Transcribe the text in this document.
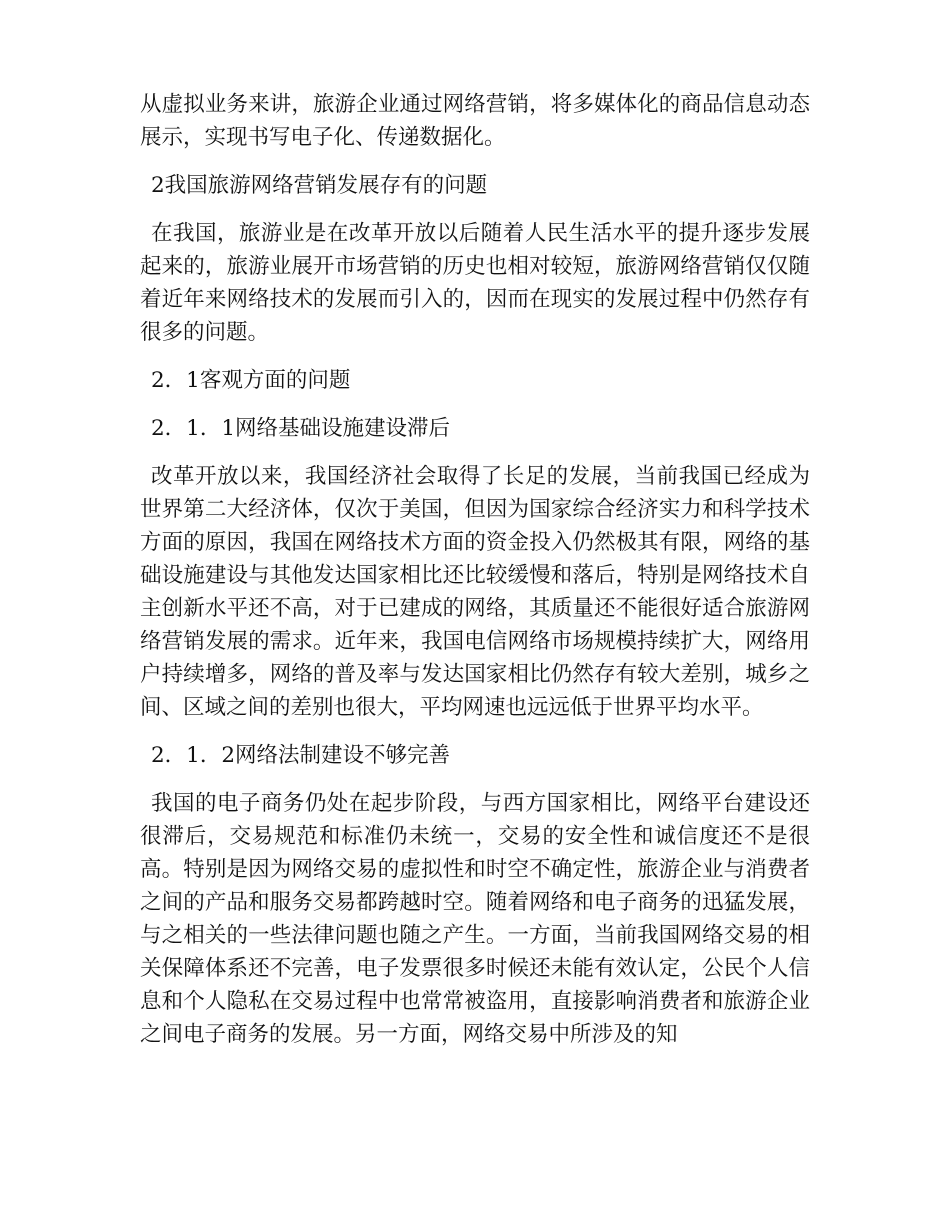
从虚拟业务来讲，旅游企业通过网络营销，将多媒体化的商品信息动态展示，实现书写电子化、传递数据化。

2我国旅游网络营销发展存有的问题

在我国，旅游业是在改革开放以后随着人民生活水平的提升逐步发展起来的，旅游业展开市场营销的历史也相对较短，旅游网络营销仅仅随着近年来网络技术的发展而引入的，因而在现实的发展过程中仍然存有很多的问题。

2．1客观方面的问题

2．1．1网络基础设施建设滞后

改革开放以来，我国经济社会取得了长足的发展，当前我国已经成为世界第二大经济体，仅次于美国，但因为国家综合经济实力和科学技术方面的原因，我国在网络技术方面的资金投入仍然极其有限，网络的基础设施建设与其他发达国家相比还比较缓慢和落后，特别是网络技术自主创新水平还不高，对于已建成的网络，其质量还不能很好适合旅游网络营销发展的需求。近年来，我国电信网络市场规模持续扩大，网络用户持续增多，网络的普及率与发达国家相比仍然存有较大差别，城乡之间、区域之间的差别也很大，平均网速也远远低于世界平均水平。

2．1．2网络法制建设不够完善

我国的电子商务仍处在起步阶段，与西方国家相比，网络平台建设还很滞后，交易规范和标准仍未统一，交易的安全性和诚信度还不是很高。特别是因为网络交易的虚拟性和时空不确定性，旅游企业与消费者之间的产品和服务交易都跨越时空。随着网络和电子商务的迅猛发展，与之相关的一些法律问题也随之产生。一方面，当前我国网络交易的相关保障体系还不完善，电子发票很多时候还未能有效认定，公民个人信息和个人隐私在交易过程中也常常被盗用，直接影响消费者和旅游企业之间电子商务的发展。另一方面，网络交易中所涉及的知
